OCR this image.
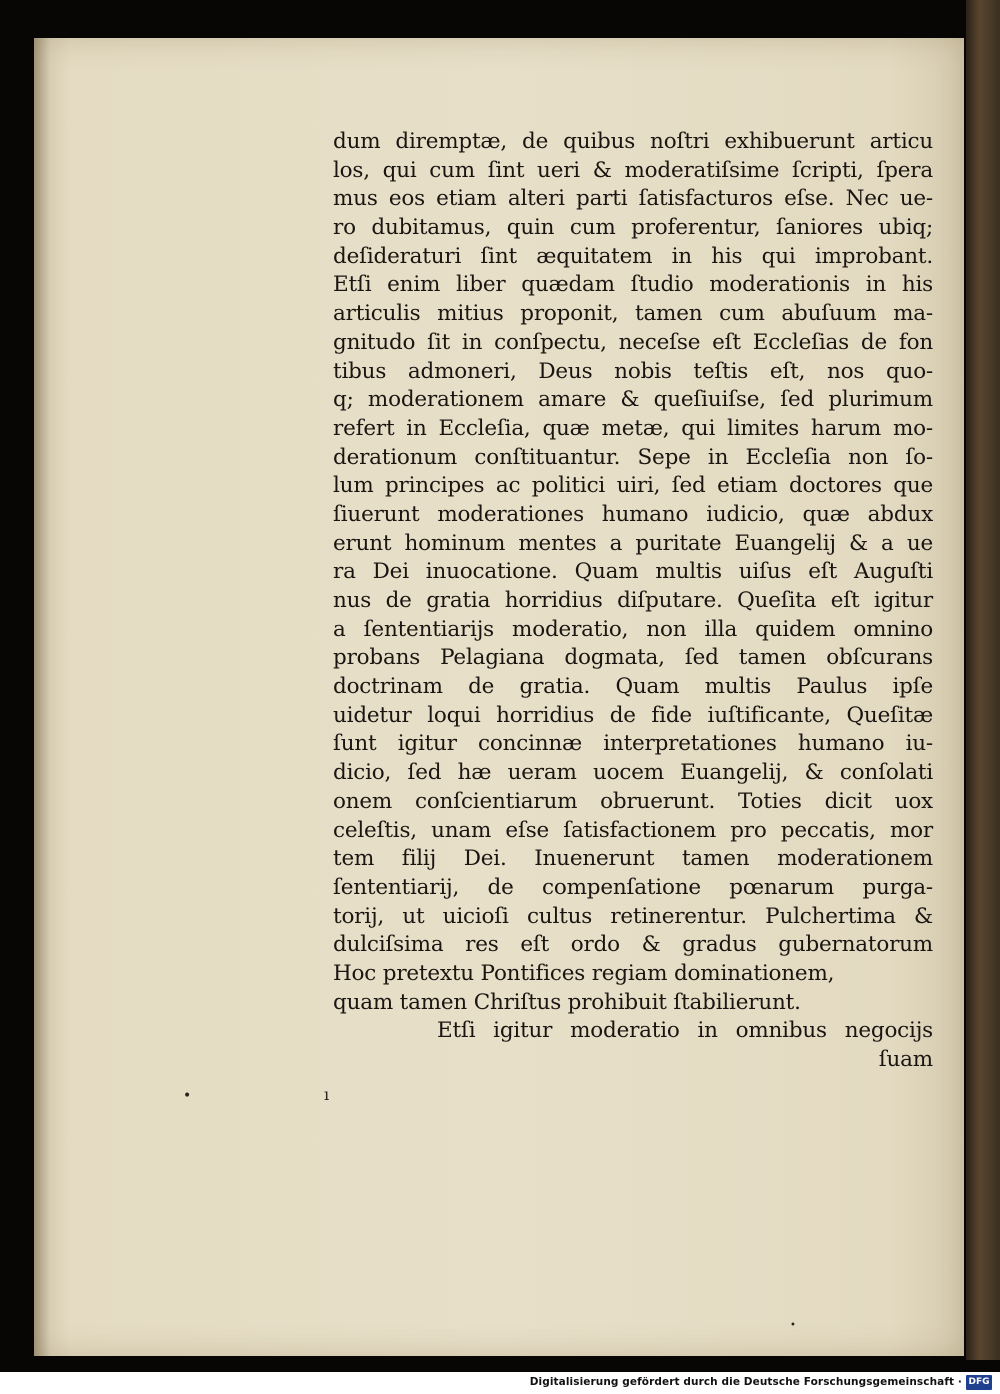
dum diremptæ, de quibus noſtri exhibuerunt articu
los, qui cum ſint ueri & moderatiſsime ſcripti, ſpera
mus eos etiam alteri parti ſatisfacturos eſse. Nec ue-
ro dubitamus, quin cum proferentur, ſaniores ubiq;
deſideraturi ſint æquitatem in his qui improbant.
Etſi enim liber quædam ſtudio moderationis in his
articulis mitius proponit, tamen cum abuſuum ma-
gnitudo ſit in conſpectu, neceſse eſt Eccleſias de fon
tibus admoneri, Deus nobis teſtis eſt, nos quo-
q; moderationem amare & queſiuiſse, ſed plurimum
refert in Eccleſia, quæ metæ, qui limites harum mo-
derationum conſtituantur. Sepe in Eccleſia non ſo-
lum principes ac politici uiri, ſed etiam doctores que
ſiuerunt moderationes humano iudicio, quæ abdux
erunt hominum mentes a puritate Euangelij & a ue
ra Dei inuocatione. Quam multis uiſus eſt Auguſti
nus de gratia horridius diſputare. Queſita eſt igitur
a ſententiarijs moderatio, non illa quidem omnino
probans Pelagiana dogmata, ſed tamen obſcurans
doctrinam de gratia. Quam multis Paulus ipſe
uidetur loqui horridius de fide iuſtificante, Queſitæ
ſunt igitur concinnæ interpretationes humano iu-
dicio, ſed hæ ueram uocem Euangelij, & conſolati
onem conſcientiarum obruerunt. Toties dicit uox
celeſtis, unam eſse ſatisfactionem pro peccatis, mor
tem filij Dei. Inuenerunt tamen moderationem
ſententiarij, de compenſatione pœnarum purga-
torij, ut uicioſi cultus retinerentur. Pulchertima &
dulciſsima res eſt ordo & gradus gubernatorum
Hoc pretextu Pontifices regiam dominationem,
quam tamen Chriſtus prohibuit ſtabilierunt.
Etſi igitur moderatio in omnibus negocijs
ſuam
•	ı
•
Digitalisierung gefördert durch die Deutsche Forschungsgemeinschaft · DFG
